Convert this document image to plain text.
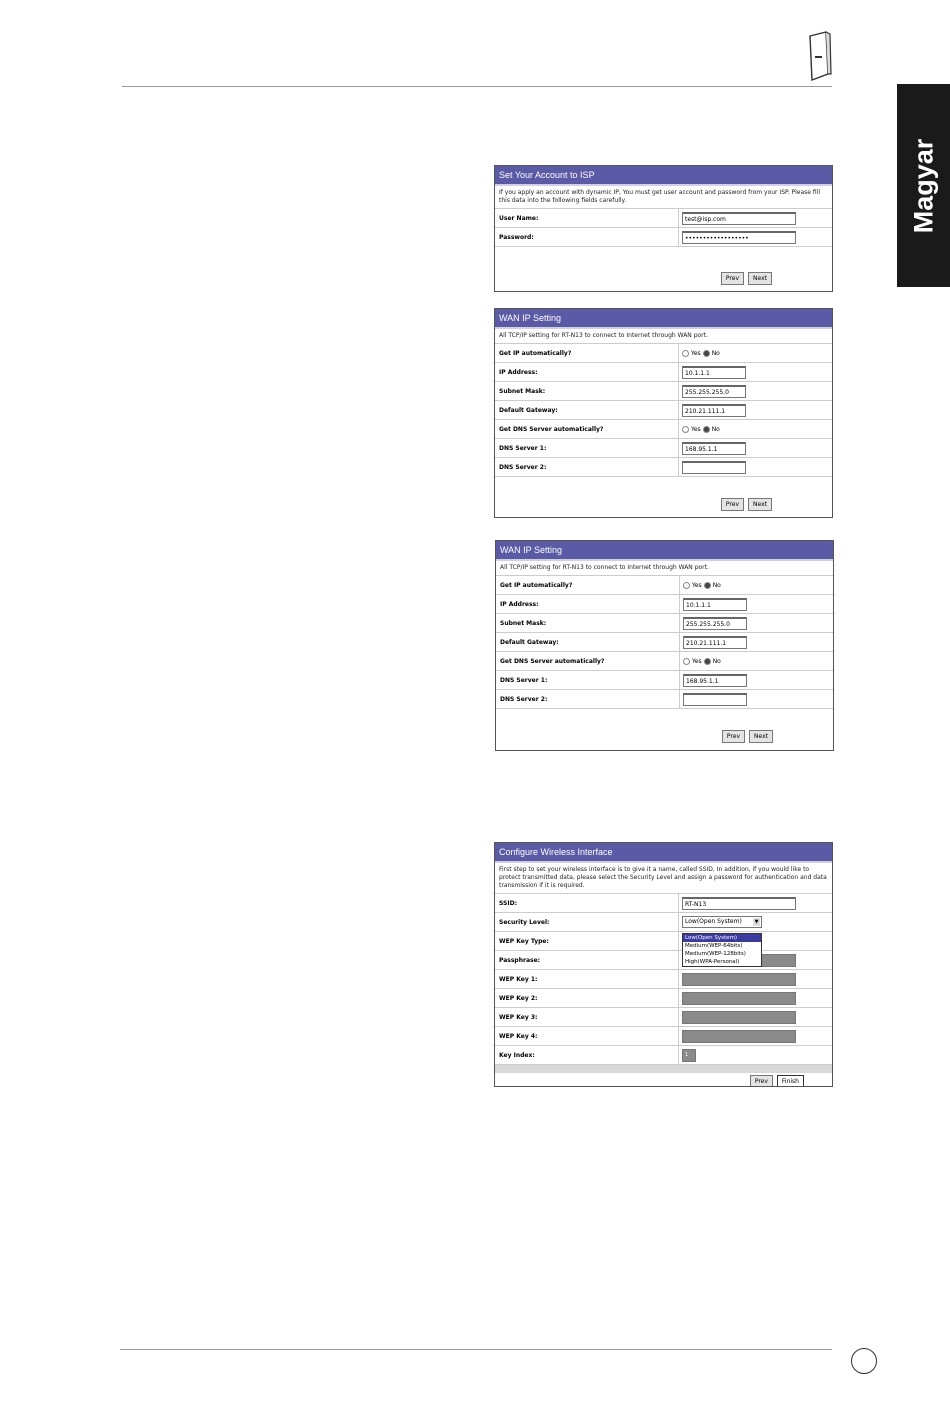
Magyar
Set Your Account to ISP
If you apply an account with dynamic IP, You must get user account and password from your ISP. Please fill this data into the following fields carefully.
User Name:	test@isp.com
Password:	••••••••••••••••••
Prev	Next
WAN IP Setting
All TCP/IP setting for RT-N13 to connect to Internet through WAN port.
Get IP automatically?	Yes No
IP Address:	10.1.1.1
Subnet Mask:	255.255.255.0
Default Gateway:	210.21.111.1
Get DNS Server automatically?	Yes No
DNS Server 1:	168.95.1.1
DNS Server 2:
Prev	Next
WAN IP Setting
All TCP/IP setting for RT-N13 to connect to Internet through WAN port.
Get IP automatically?	Yes No
IP Address:	10.1.1.1
Subnet Mask:	255.255.255.0
Default Gateway:	210.21.111.1
Get DNS Server automatically?	Yes No
DNS Server 1:	168.95.1.1
DNS Server 2:
Prev	Next
Configure Wireless Interface
First step to set your wireless interface is to give it a name, called SSID. In addition, if you would like to protect transmitted data, please select the Security Level and assign a password for authentication and data transmission if it is required.
SSID:	RT-N13
Security Level:	Low(Open System)	▼
WEP Key Type:
Passphrase:
WEP Key 1:
WEP Key 2:
WEP Key 3:
WEP Key 4:
Key Index:	1
Prev	Finish
Low(Open System)
Medium(WEP-64bits)
Medium(WEP-128bits)
High(WPA-Personal)
